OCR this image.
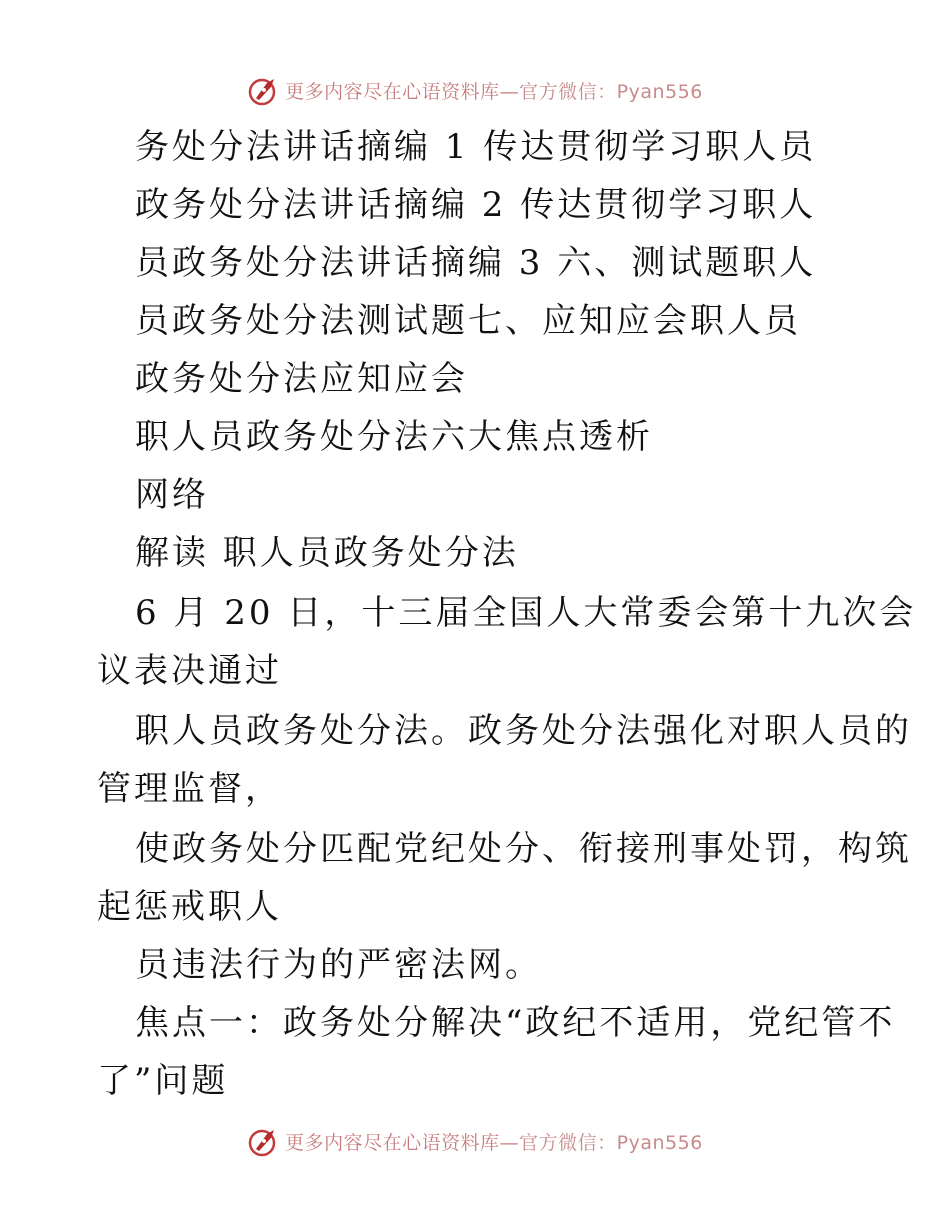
更多内容尽在心语资料库—官方微信：Pyan556
务处分法讲话摘编 1 传达贯彻学习职人员
政务处分法讲话摘编 2 传达贯彻学习职人
员政务处分法讲话摘编 3 六、测试题职人
员政务处分法测试题七、应知应会职人员
政务处分法应知应会
职人员政务处分法六大焦点透析
网络
解读 职人员政务处分法
6 月 20 日，十三届全国人大常委会第十九次会
议表决通过
职人员政务处分法。政务处分法强化对职人员的
管理监督，
使政务处分匹配党纪处分、衔接刑事处罚，构筑
起惩戒职人
员违法行为的严密法网。
焦点一：政务处分解决“政纪不适用，党纪管不
了”问题
更多内容尽在心语资料库—官方微信：Pyan556
